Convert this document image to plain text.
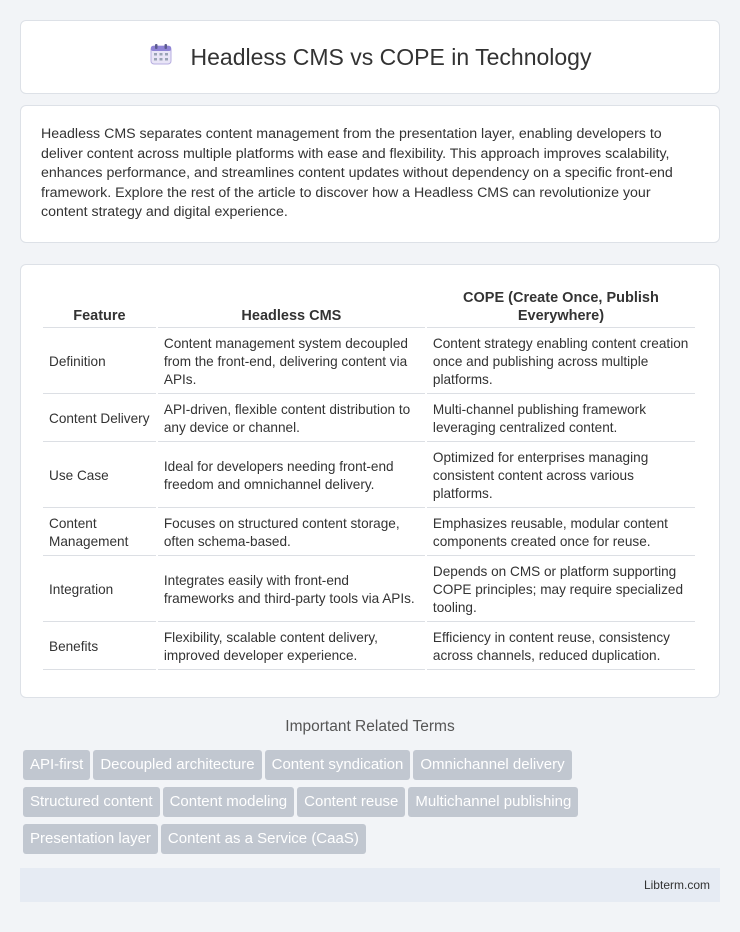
Headless CMS vs COPE in Technology

Headless CMS separates content management from the presentation layer, enabling developers to deliver content across multiple platforms with ease and flexibility. This approach improves scalability, enhances performance, and streamlines content updates without dependency on a specific front-end framework. Explore the rest of the article to discover how a Headless CMS can revolutionize your content strategy and digital experience.

Feature	Headless CMS	COPE (Create Once, Publish Everywhere)
Definition	Content management system decoupled from the front-end, delivering content via APIs.	Content strategy enabling content creation once and publishing across multiple platforms.
Content Delivery	API-driven, flexible content distribution to any device or channel.	Multi-channel publishing framework leveraging centralized content.
Use Case	Ideal for developers needing front-end freedom and omnichannel delivery.	Optimized for enterprises managing consistent content across various platforms.
Content Management	Focuses on structured content storage, often schema-based.	Emphasizes reusable, modular content components created once for reuse.
Integration	Integrates easily with front-end frameworks and third-party tools via APIs.	Depends on CMS or platform supporting COPE principles; may require specialized tooling.
Benefits	Flexibility, scalable content delivery, improved developer experience.	Efficiency in content reuse, consistency across channels, reduced duplication.
Important Related Terms
API-first Decoupled architecture Content syndication Omnichannel delivery
Structured content Content modeling Content reuse Multichannel publishing
Presentation layer Content as a Service (CaaS)
Libterm.com
